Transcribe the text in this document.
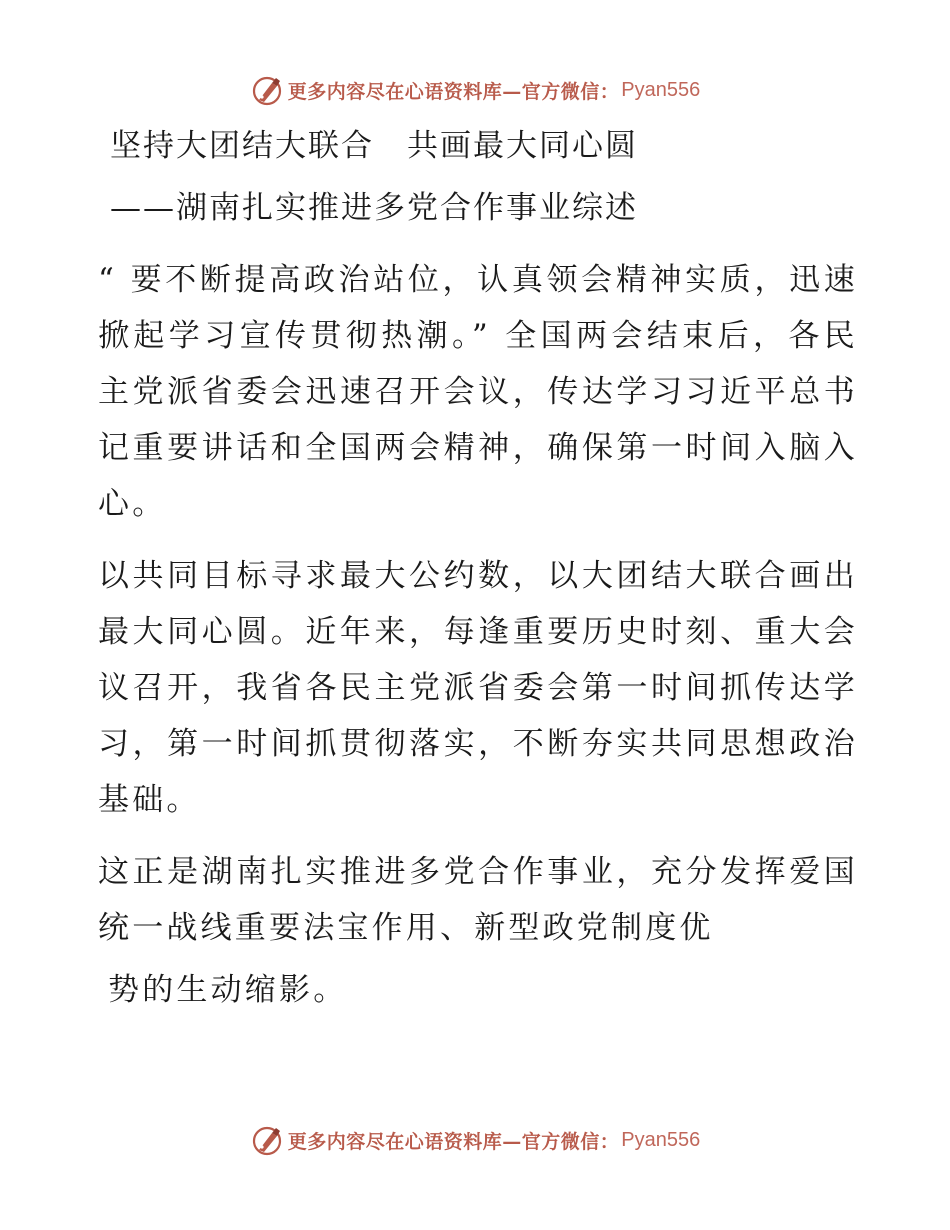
更多内容尽在心语资料库—官方微信： Pyan556
坚持大团结大联合　共画最大同心圆
——湖南扎实推进多党合作事业综述

“ 要不断提高政治站位，认真领会精神实质，迅速掀起学习宣传贯彻热潮。” 全国两会结束后，各民主党派省委会迅速召开会议，传达学习习近平总书记重要讲话和全国两会精神，确保第一时间入脑入心。

以共同目标寻求最大公约数，以大团结大联合画出最大同心圆。近年来，每逢重要历史时刻、重大会议召开，我省各民主党派省委会第一时间抓传达学习，第一时间抓贯彻落实，不断夯实共同思想政治基础。

这正是湖南扎实推进多党合作事业，充分发挥爱国统一战线重要法宝作用、新型政党制度优

势的生动缩影。
更多内容尽在心语资料库—官方微信： Pyan556
